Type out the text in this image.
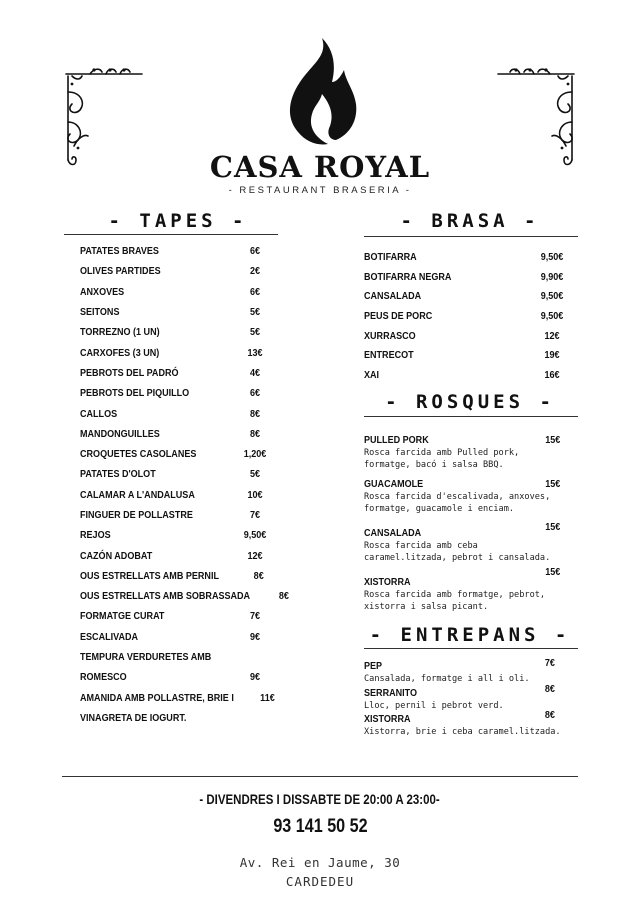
CASA ROYAL
- RESTAURANT BRASERIA -
- TAPES -
PATATES BRAVES	6€
OLIVES PARTIDES	2€
ANXOVES	6€
SEITONS	5€
TORREZNO (1 UN)	5€
CARXOFES (3 UN)	13€
PEBROTS DEL PADRÓ	4€
PEBROTS DEL PIQUILLO	6€
CALLOS	8€
MANDONGUILLES	8€
CROQUETES CASOLANES	1,20€
PATATES D'OLOT	5€
CALAMAR A L'ANDALUSA	10€
FINGUER DE POLLASTRE	7€
REJOS	9,50€
CAZÓN ADOBAT	12€
OUS ESTRELLATS AMB PERNIL	8€
OUS ESTRELLATS AMB SOBRASSADA	8€
FORMATGE CURAT	7€
ESCALIVADA	9€
TEMPURA VERDURETES AMB
ROMESCO	9€
AMANIDA AMB POLLASTRE, BRIE I 11€
VINAGRETA DE IOGURT.
- BRASA -
BOTIFARRA	9,50€
BOTIFARRA NEGRA	9,90€
CANSALADA	9,50€
PEUS DE PORC	9,50€
XURRASCO	12€
ENTRECOT	19€
XAI	16€
- ROSQUES -
PULLED PORK
Rosca farcida amb Pulled pork, formatge, bacó i salsa BBQ.
15€
GUACAMOLE
Rosca farcida d'escalivada, anxoves, formatge, guacamole i enciam.
15€
CANSALADA
Rosca farcida amb ceba caramel.litzada, pebrot i cansalada.
15€
XISTORRA
Rosca farcida amb formatge, pebrot, xistorra i salsa picant.
15€
- ENTREPANS -
PEP
Cansalada, formatge i all i oli.
7€
SERRANITO
Lloc, pernil i pebrot verd.
8€
XISTORRA
Xistorra, brie i ceba caramel.litzada.
8€
- DIVENDRES I DISSABTE DE 20:00 A 23:00-
93 141 50 52
Av. Rei en Jaume, 30
CARDEDEU
